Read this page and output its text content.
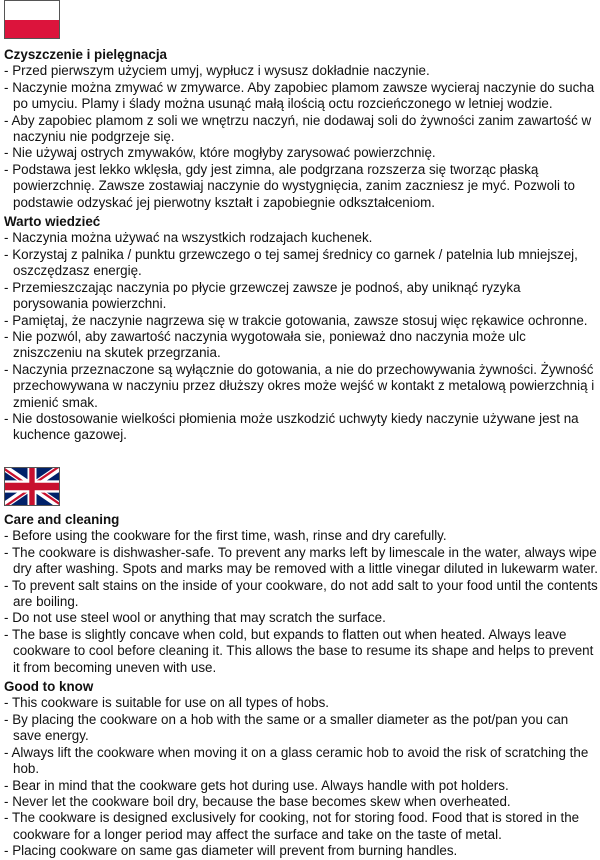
Czyszczenie i pielęgnacja
- Przed pierwszym użyciem umyj, wypłucz i wysusz dokładnie naczynie.
- Naczynie można zmywać w zmywarce. Aby zapobiec plamom zawsze wycieraj naczynie do sucha po umyciu. Plamy i ślady można usunąć małą ilością octu rozcieńczonego w letniej wodzie.
- Aby zapobiec plamom z soli we wnętrzu naczyń, nie dodawaj soli do żywności zanim zawartość w naczyniu nie podgrzeje się.
- Nie używaj ostrych zmywaków, które mogłyby zarysować powierzchnię.
- Podstawa jest lekko wklęsła, gdy jest zimna, ale podgrzana rozszerza się tworząc płaską powierzchnię. Zawsze zostawiaj naczynie do wystygnięcia, zanim zaczniesz je myć. Pozwoli to podstawie odzyskać jej pierwotny kształt i zapobiegnie odkształceniom.
Warto wiedzieć
- Naczynia można używać na wszystkich rodzajach kuchenek.
- Korzystaj z palnika / punktu grzewczego o tej samej średnicy co garnek / patelnia lub mniejszej, oszczędzasz energię.
- Przemieszczając naczynia po płycie grzewczej zawsze je podnoś, aby uniknąć ryzyka porysowania powierzchni.
- Pamiętaj, że naczynie nagrzewa się w trakcie gotowania, zawsze stosuj więc rękawice ochronne.
- Nie pozwól, aby zawartość naczynia wygotowała sie, ponieważ dno naczynia może ulc zniszczeniu na skutek przegrzania.
- Naczynia przeznaczone są wyłącznie do gotowania, a nie do przechowywania żywności. Żywność przechowywana w naczyniu przez dłuższy okres może wejść w kontakt z metalową powierzchnią i zmienić smak.
- Nie dostosowanie wielkości płomienia może uszkodzić uchwyty kiedy naczynie używane jest na kuchence gazowej.
Care and cleaning
- Before using the cookware for the first time, wash, rinse and dry carefully.
- The cookware is dishwasher-safe. To prevent any marks left by limescale in the water, always wipe dry after washing. Spots and marks may be removed with a little vinegar diluted in lukewarm water.
- To prevent salt stains on the inside of your cookware, do not add salt to your food until the contents are boiling.
- Do not use steel wool or anything that may scratch the surface.
- The base is slightly concave when cold, but expands to flatten out when heated. Always leave cookware to cool before cleaning it. This allows the base to resume its shape and helps to prevent it from becoming uneven with use.
Good to know
- This cookware is suitable for use on all types of hobs.
- By placing the cookware on a hob with the same or a smaller diameter as the pot/pan you can save energy.
- Always lift the cookware when moving it on a glass ceramic hob to avoid the risk of scratching the hob.
- Bear in mind that the cookware gets hot during use. Always handle with pot holders.
- Never let the cookware boil dry, because the base becomes skew when overheated.
- The cookware is designed exclusively for cooking, not for storing food. Food that is stored in the cookware for a longer period may affect the surface and take on the taste of metal.
- Placing cookware on same gas diameter will prevent from burning handles.
